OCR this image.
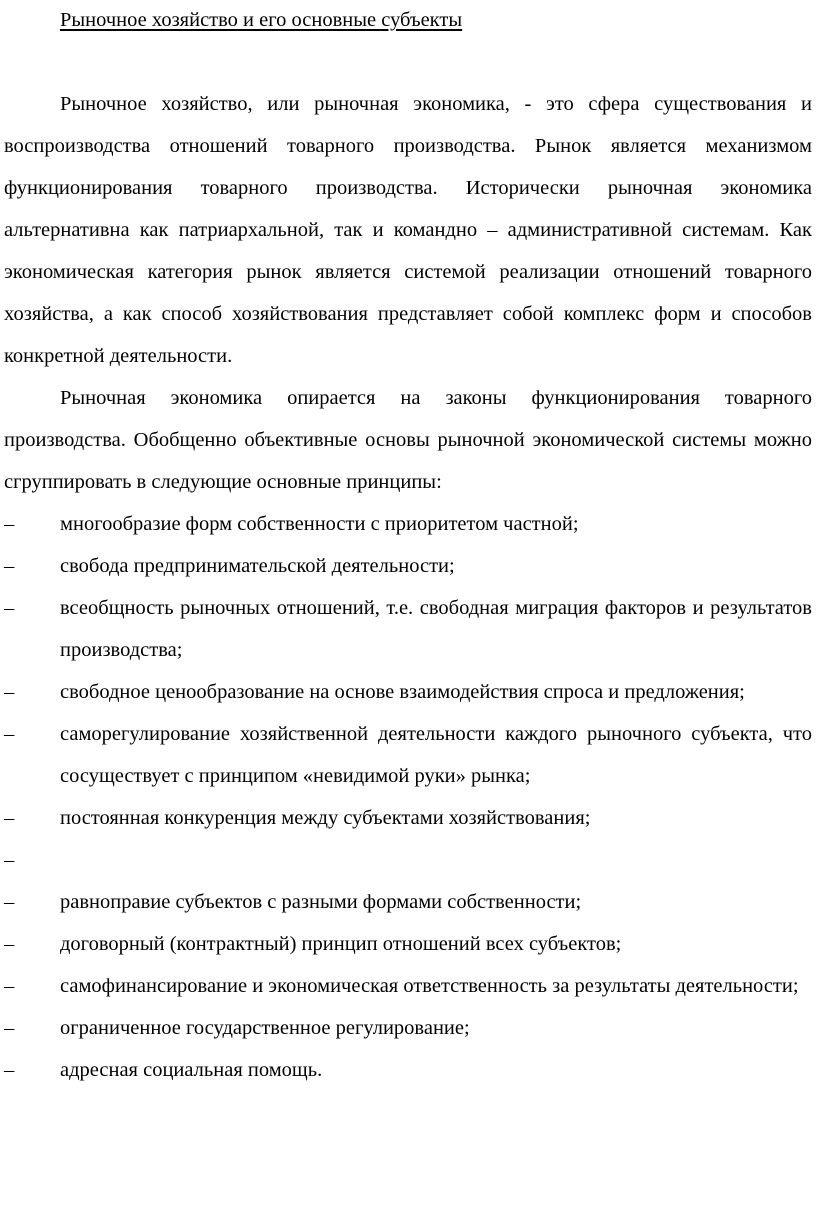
Рыночное хозяйство и его основные субъекты

Рыночное хозяйство, или рыночная экономика, - это сфера существования и воспроизводства отношений товарного производства. Рынок является механизмом функционирования товарного производства. Исторически рыночная экономика альтернативна как патриархальной, так и командно – административной системам. Как экономическая категория рынок является системой реализации отношений товарного хозяйства, а как способ хозяйствования представляет собой комплекс форм и способов конкретной деятельности.

Рыночная экономика опирается на законы функционирования товарного производства. Обобщенно объективные основы рыночной экономической системы можно сгруппировать в следующие основные принципы:

–	многообразие форм собственности с приоритетом частной;
–	свобода предпринимательской деятельности;
–	всеобщность рыночных отношений, т.е. свободная миграция факторов и результатов производства;
–	свободное ценообразование на основе взаимодействия спроса и предложения;
–	саморегулирование хозяйственной деятельности каждого рыночного субъекта, что сосуществует с принципом «невидимой руки» рынка;
–	постоянная конкуренция между субъектами хозяйствования;
–
–	равноправие субъектов с разными формами собственности;
–	договорный (контрактный) принцип отношений всех субъектов;
–	самофинансирование и экономическая ответственность за результаты деятельности;
–	ограниченное государственное регулирование;
–	адресная социальная помощь.
